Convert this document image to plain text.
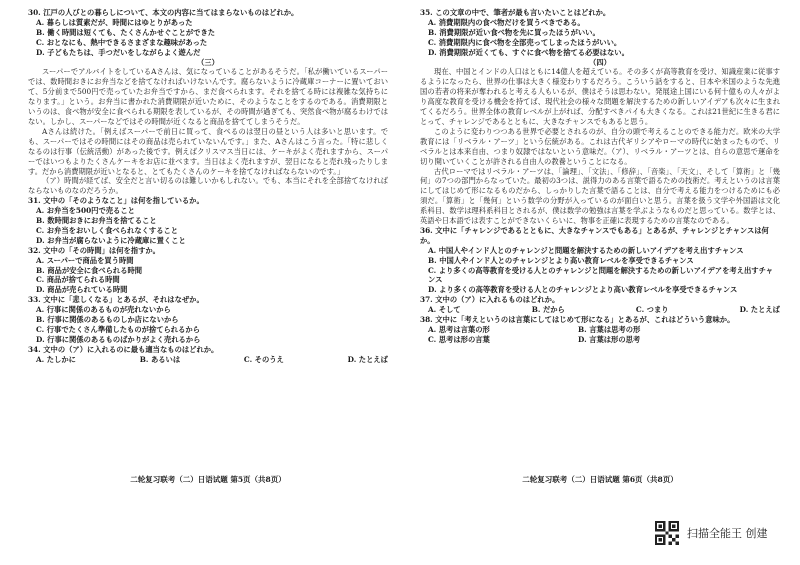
30. 江戸の人びとの暮らしについて、本文の内容に当てはまらないものはどれか。

A. 暮らしは質素だが、時間にはゆとりがあった

B. 働く時間は短くても、たくさんかせぐことができた

C. おとなにも、熱中できるさまざまな趣味があった

D. 子どもたちは、手つだいをしながらよく遊んだ

（三）

スーパーでアルバイトをしているAさんは、気になっていることがあるそうだ。「私が働いているスーパーでは、数時間おきにお弁当などを捨てなければいけないんです。腐らないように冷蔵庫コーナーに置いておいて、5分前まで500円で売っていたお弁当ですから、まだ食べられます。それを捨てる時には複雑な気持ちになります。」という。お弁当に書かれた消費期限が近いために、そのようなことをするのである。消費期限というのは、食べ物が安全に食べられる期限を表しているが、その時間が過ぎても、突然食べ物が腐るわけではない。しかし、スーパーなどではその時間が近くなると商品を捨ててしまうそうだ。

Aさんは続けた。「例えばスーパーで前日に買って、食べるのは翌日の昼という人は多いと思います。でも、スーパーではその時間にはその商品は売られていないんです。」また、Aさんはこう言った。「特に悲しくなるのは行事（伝統活動）があった後です。例えばクリスマス当日には、ケーキがよく売れますから、スーパーではいつもよりたくさんケーキをお店に並べます。当日はよく売れますが、翌日になると売れ残ったりします。だから消費期限が近いとなると、とてもたくさんのケーキを捨てなければならないのです。」

（ア）時間が経てば、安全だと言い切るのは難しいかもしれない。でも、本当にそれを全部捨てなければならないものなのだろうか。

31. 文中の「そのようなこと」は何を指しているか。

A. お弁当を500円で売ること

B. 数時間おきにお弁当を捨てること

C. お弁当をおいしく食べられなくすること

D. お弁当が腐らないように冷蔵庫に置くこと

32. 文中の「その時間」は何を指すか。

A. スーパーで商品を買う時間

B. 商品が安全に食べられる時間

C. 商品が捨てられる時間

D. 商品が売られている時間

33. 文中に「悲しくなる」とあるが、それはなぜか。

A. 行事に関係のあるものが売れないから

B. 行事に関係のあるものしか店にないから

C. 行事でたくさん準備したものが捨てられるから

D. 行事に関係のあるものばかりがよく売れるから

34. 文中の（ア）に入れるのに最も適当なものはどれか。

A. たしかに	B. あるいは	C. そのうえ	D. たとえば

35. この文章の中で、筆者が最も言いたいことはどれか。

A. 消費期限内の食べ物だけを買うべきである。

B. 消費期限が近い食べ物を先に買ったほうがいい。

C. 消費期限内に食べ物を全部売ってしまったほうがいい。

D. 消費期限が近くても、すぐに食べ物を捨てる必要はない。

（四）

現在、中国とインドの人口はともに14億人を超えている。その多くが高等教育を受け、知識産業に従事するようになったら、世界の仕事は大きく様変わりするだろう。こういう話をすると、日本や米国のような先進国の若者の将来が奪われると考える人もいるが、僕はそうは思わない。発展途上国にいる何十億もの人々がより高度な教育を受ける機会を持てば、現代社会の様々な問題を解決するための新しいアイデアも次々に生まれてくるだろう。世界全体の教育レベルが上がれば、分配すべきパイも大きくなる。これは21世紀に生きる君にとって、チャレンジであるとともに、大きなチャンスでもあると思う。

このように変わりつつある世界で必要とされるのが、自分の頭で考えることのできる能力だ。欧米の大学教育には「リベラル・アーツ」という伝統がある。これは古代ギリシアやローマの時代に始まったもので、リベラルとは本来自由、つまり奴隷ではないという意味だ。（ア）、リベラル・アーツとは、自らの意思で運命を切り開いていくことが許される自由人の教養ということになる。

古代ローマではリベラル・アーツは、「論理」、「文法」、「修辞」、「音楽」、「天文」、そして「算術」と「幾何」の7つの部門からなっていた。最初の3つは、説得力のある言葉で語るための技術だ。考えというのは言葉にしてはじめて形になるものだから、しっかりした言葉で語ることは、自分で考える能力をつけるためにも必須だ。「算術」と「幾何」という数学の分野が入っているのが面白いと思う。言葉を扱う文学や外国語は文化系科目、数学は理科系科目とされるが、僕は数学の勉強は言葉を学ぶようなものだと思っている。数学とは、英語や日本語では表すことができないくらいに、物事を正確に表現するための言葉なのである。

36. 文中に「チャレンジであるとともに、大きなチャンスでもある」とあるが、チャレンジとチャンスは何か。

A. 中国人やインド人とのチャレンジと問題を解決するための新しいアイデアを考え出すチャンス

B. 中国人やインド人とのチャレンジとより高い教育レベルを享受できるチャンス

C. より多くの高等教育を受ける人とのチャレンジと問題を解決するための新しいアイデアを考え出すチャンス

D. より多くの高等教育を受ける人とのチャレンジとより高い教育レベルを享受できるチャンス

37. 文中の（ア）に入れるものはどれか。

A. そして	B. だから	C. つまり	D. たとえば

38. 文中に「考えというのは言葉にしてはじめて形になる」とあるが、これはどういう意味か。

A. 思考は言葉の形	B. 言葉は思考の形
C. 思考は形の言葉	D. 言葉は形の思考
二轮复习联考（二）日语试题 第5页（共8页）	二轮复习联考（二）日语试题 第6页（共8页）
扫描全能王 创建
